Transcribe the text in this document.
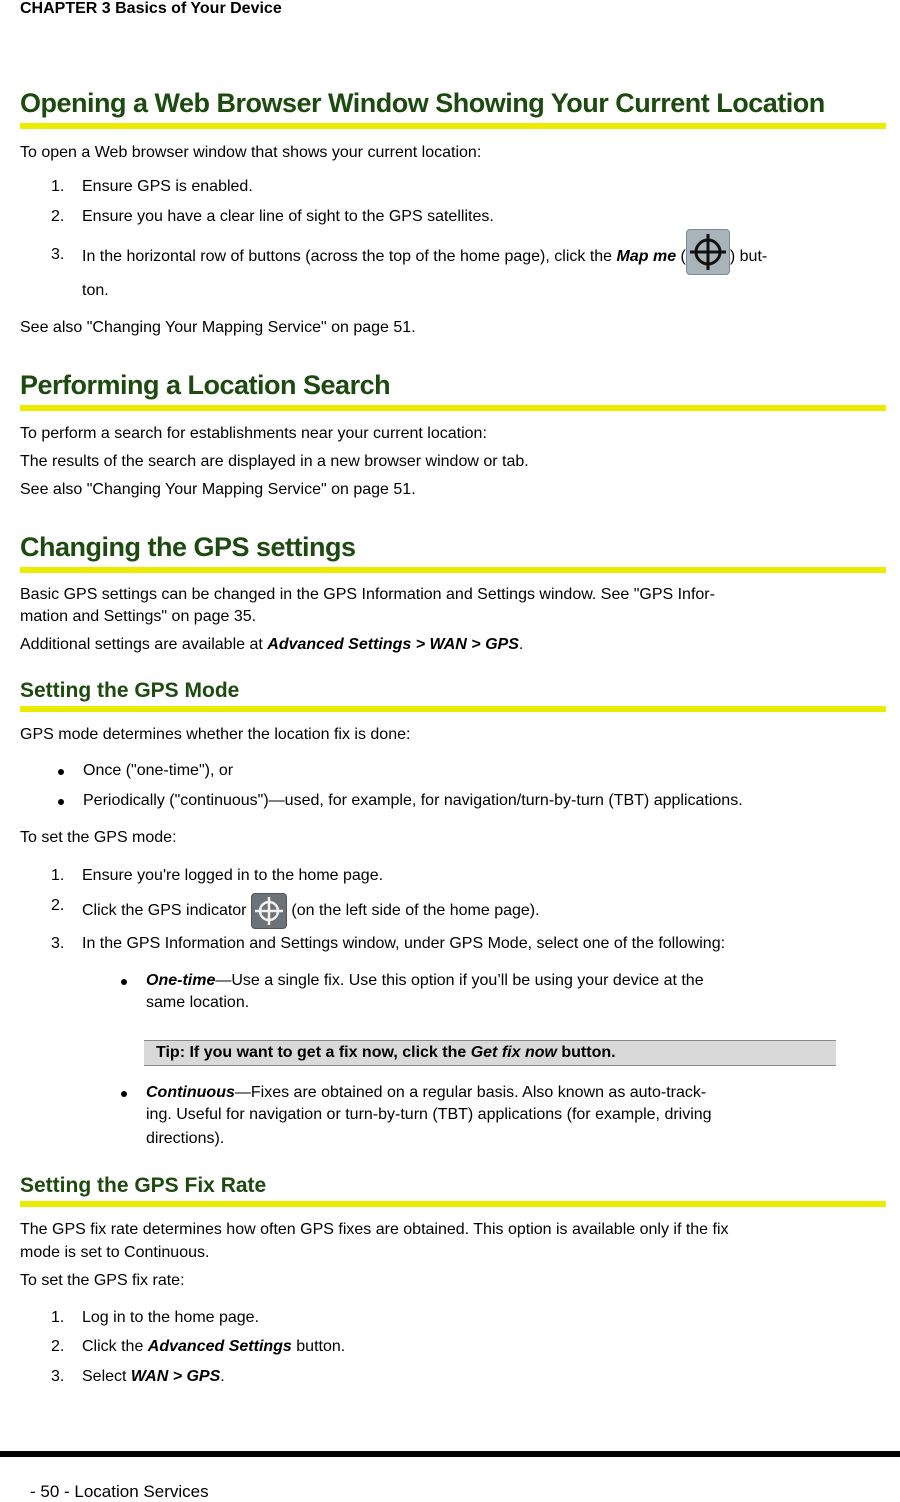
CHAPTER 3 Basics of Your Device
Opening a Web Browser Window Showing Your Current Location

To open a Web browser window that shows your current location:

1. Ensure GPS is enabled.
2. Ensure you have a clear line of sight to the GPS satellites.
3. In the horizontal row of buttons (across the top of the home page), click the Map me (	) but-
ton.

See also "Changing Your Mapping Service" on page 51.

Performing a Location Search

To perform a search for establishments near your current location:

The results of the search are displayed in a new browser window or tab.

See also "Changing Your Mapping Service" on page 51.

Changing the GPS settings

Basic GPS settings can be changed in the GPS Information and Settings window. See "GPS Infor-

mation and Settings" on page 35.

Additional settings are available at Advanced Settings > WAN > GPS.

Setting the GPS Mode

GPS mode determines whether the location fix is done:

Once ("one-time"), or
Periodically ("continuous")—used, for example, for navigation/turn-by-turn (TBT) applications.

To set the GPS mode:

1. Ensure you're logged in to the home page.
2. Click the GPS indicator  (on the left side of the home page).
3. In the GPS Information and Settings window, under GPS Mode, select one of the following:
One-time—Use a single fix. Use this option if you’ll be using your device at the
same location.
Tip: If you want to get a fix now, click the Get fix now button.
Continuous—Fixes are obtained on a regular basis. Also known as auto-track-
ing. Useful for navigation or turn-by-turn (TBT) applications (for example, driving
directions).
Setting the GPS Fix Rate

The GPS fix rate determines how often GPS fixes are obtained. This option is available only if the fix

mode is set to Continuous.

To set the GPS fix rate:

1. Log in to the home page.
2. Click the Advanced Settings button.
3. Select WAN > GPS.
- 50 - Location Services
